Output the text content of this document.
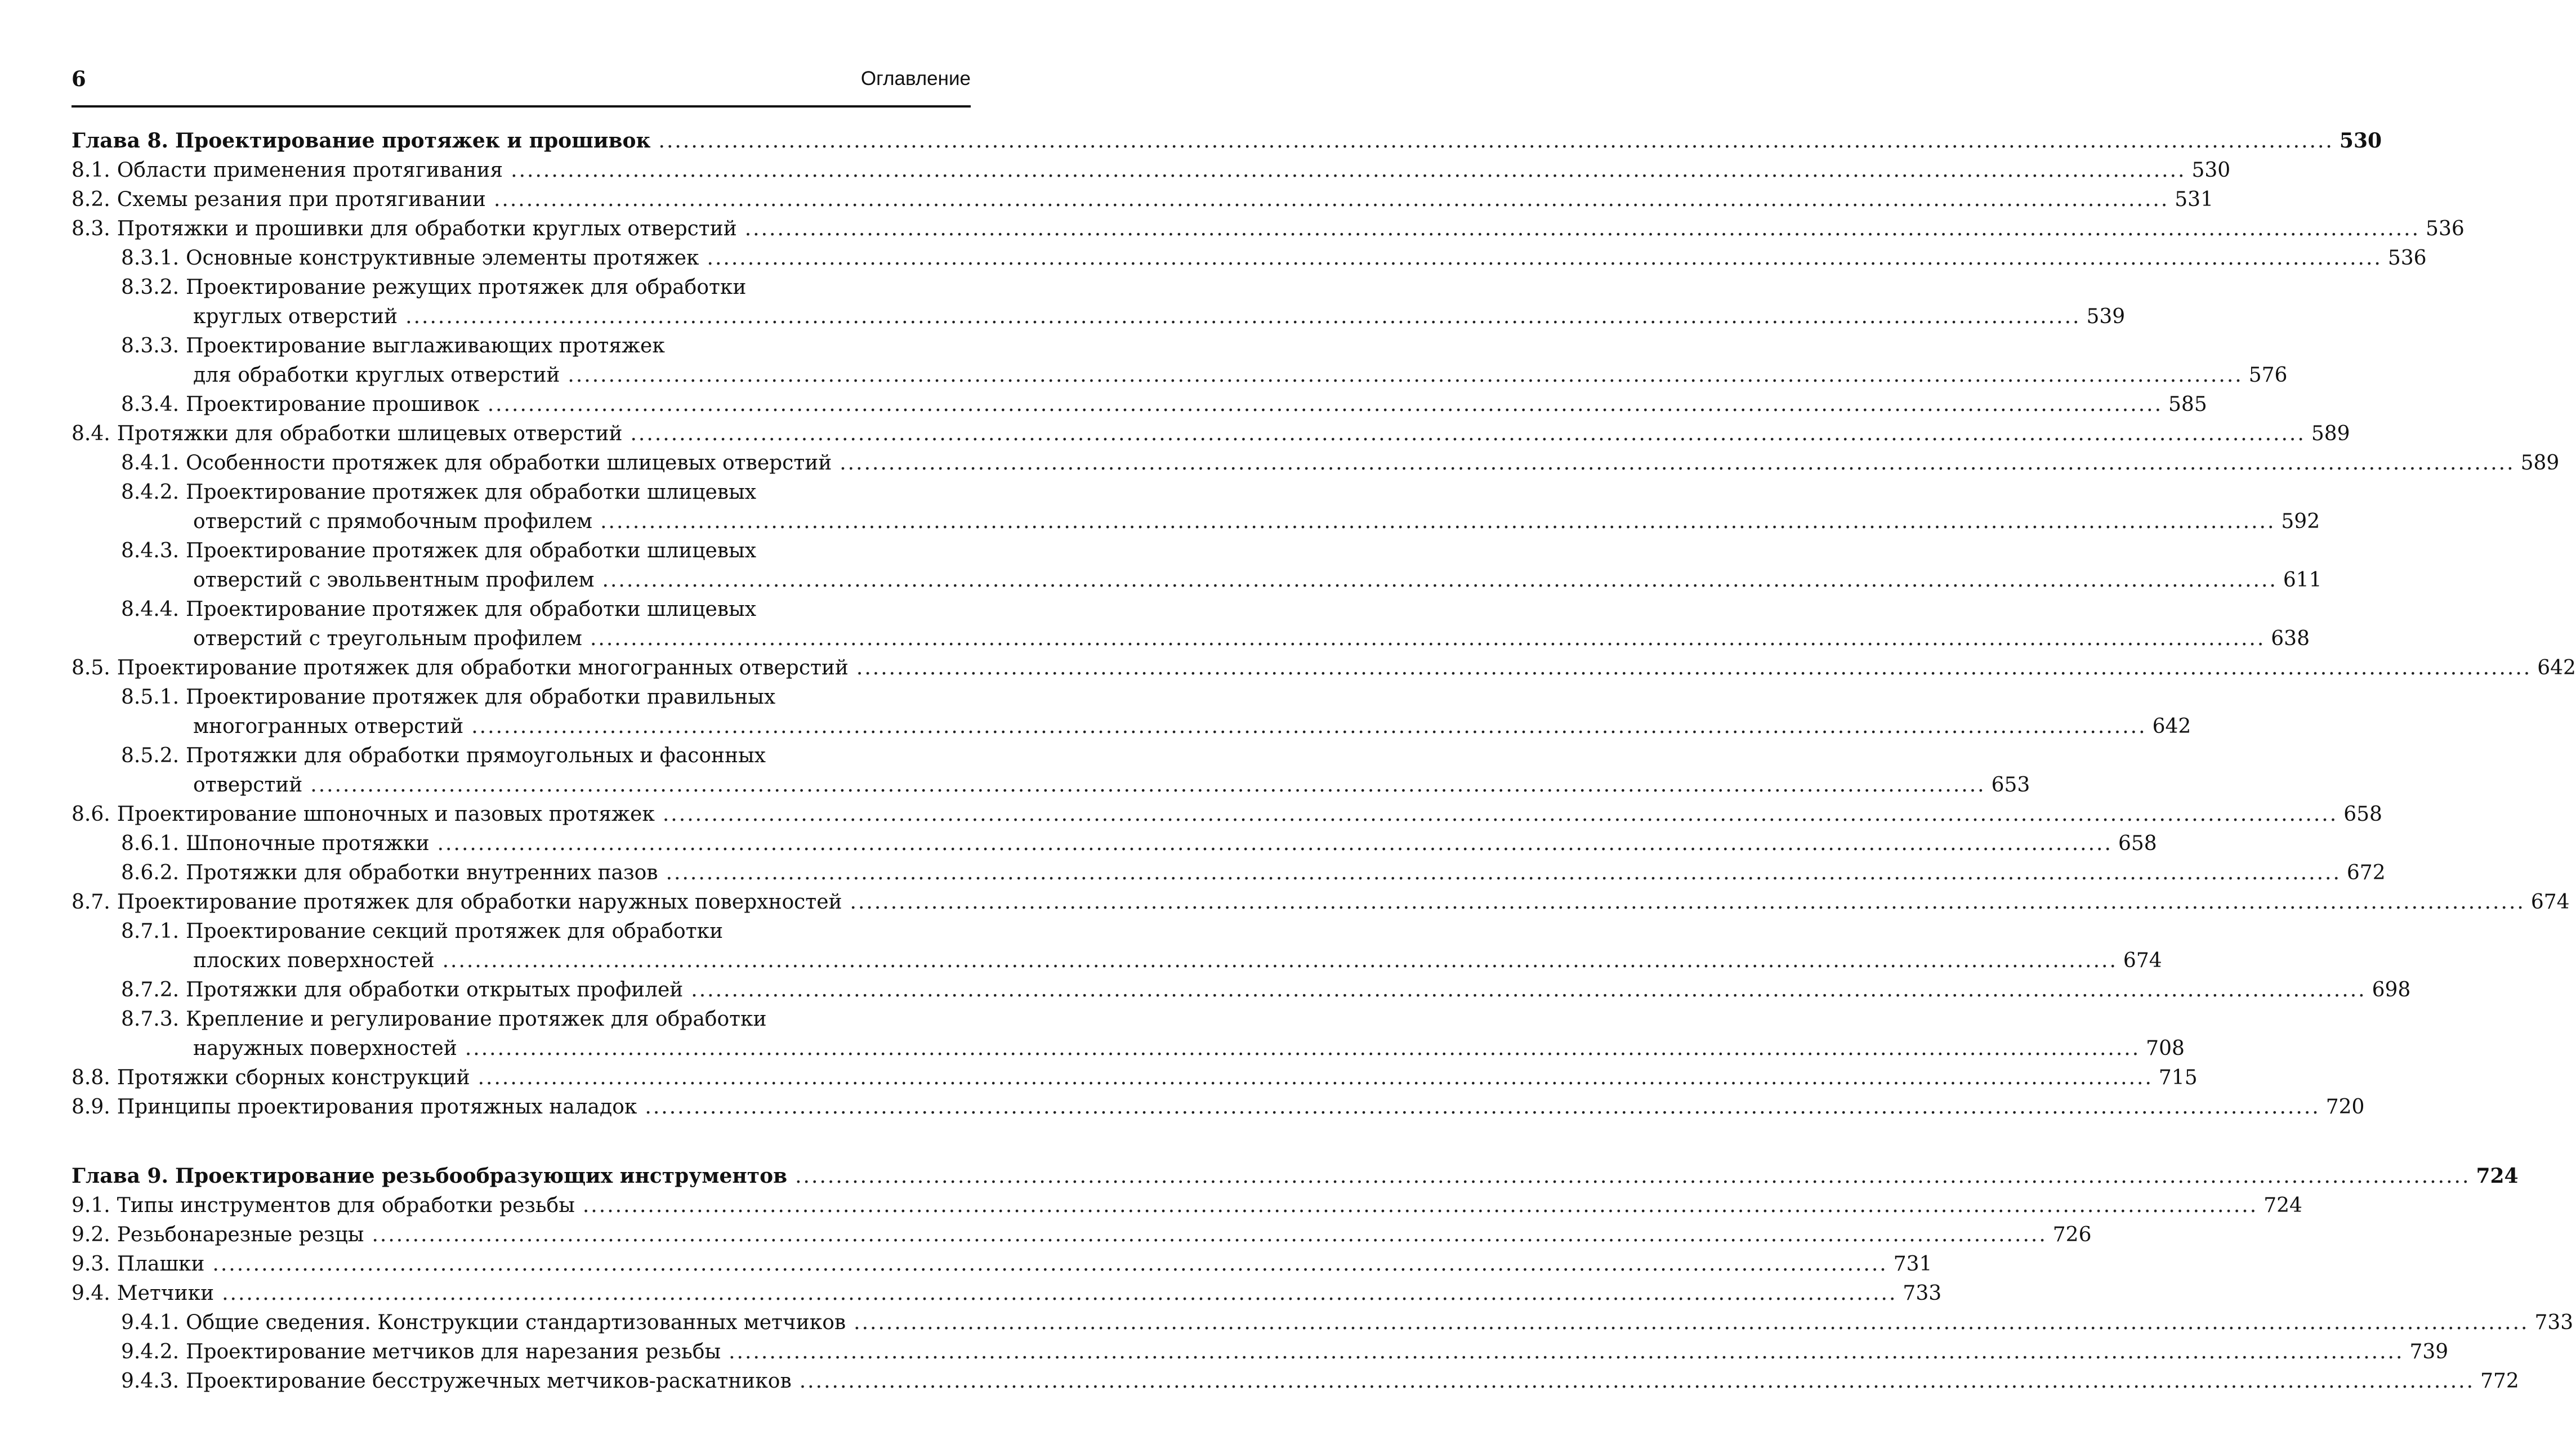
6	Оглавление
Глава 8. Проектирование протяжек и прошивок .....	530
8.1. Области применения протягивания .....	530
8.2. Схемы резания при протягивании .....	531
8.3. Протяжки и прошивки для обработки круглых отверстий .....	536
8.3.1. Основные конструктивные элементы протяжек .....	536
8.3.2. Проектирование режущих протяжек для обработки
круглых отверстий .....	539
8.3.3. Проектирование выглаживающих протяжек
для обработки круглых отверстий .....	576
8.3.4. Проектирование прошивок .....	585
8.4. Протяжки для обработки шлицевых отверстий .....	589
8.4.1. Особенности протяжек для обработки шлицевых отверстий .....	589
8.4.2. Проектирование протяжек для обработки шлицевых
отверстий с прямобочным профилем .....	592
8.4.3. Проектирование протяжек для обработки шлицевых
отверстий с эвольвентным профилем .....	611
8.4.4. Проектирование протяжек для обработки шлицевых
отверстий с треугольным профилем .....	638
8.5. Проектирование протяжек для обработки многогранных отверстий .....	642
8.5.1. Проектирование протяжек для обработки правильных
многогранных отверстий .....	642
8.5.2. Протяжки для обработки прямоугольных и фасонных
отверстий .....	653
8.6. Проектирование шпоночных и пазовых протяжек .....	658
8.6.1. Шпоночные протяжки .....	658
8.6.2. Протяжки для обработки внутренних пазов .....	672
8.7. Проектирование протяжек для обработки наружных поверхностей .....	674
8.7.1. Проектирование секций протяжек для обработки
плоских поверхностей .....	674
8.7.2. Протяжки для обработки открытых профилей .....	698
8.7.3. Крепление и регулирование протяжек для обработки
наружных поверхностей .....	708
8.8. Протяжки сборных конструкций .....	715
8.9. Принципы проектирования протяжных наладок .....	720
Глава 9. Проектирование резьбообразующих инструментов .....	724
9.1. Типы инструментов для обработки резьбы .....	724
9.2. Резьбонарезные резцы .....	726
9.3. Плашки .....	731
9.4. Метчики .....	733
9.4.1. Общие сведения. Конструкции стандартизованных метчиков .....	733
9.4.2. Проектирование метчиков для нарезания резьбы .....	739
9.4.3. Проектирование бесстружечных метчиков-раскатников .....	772
